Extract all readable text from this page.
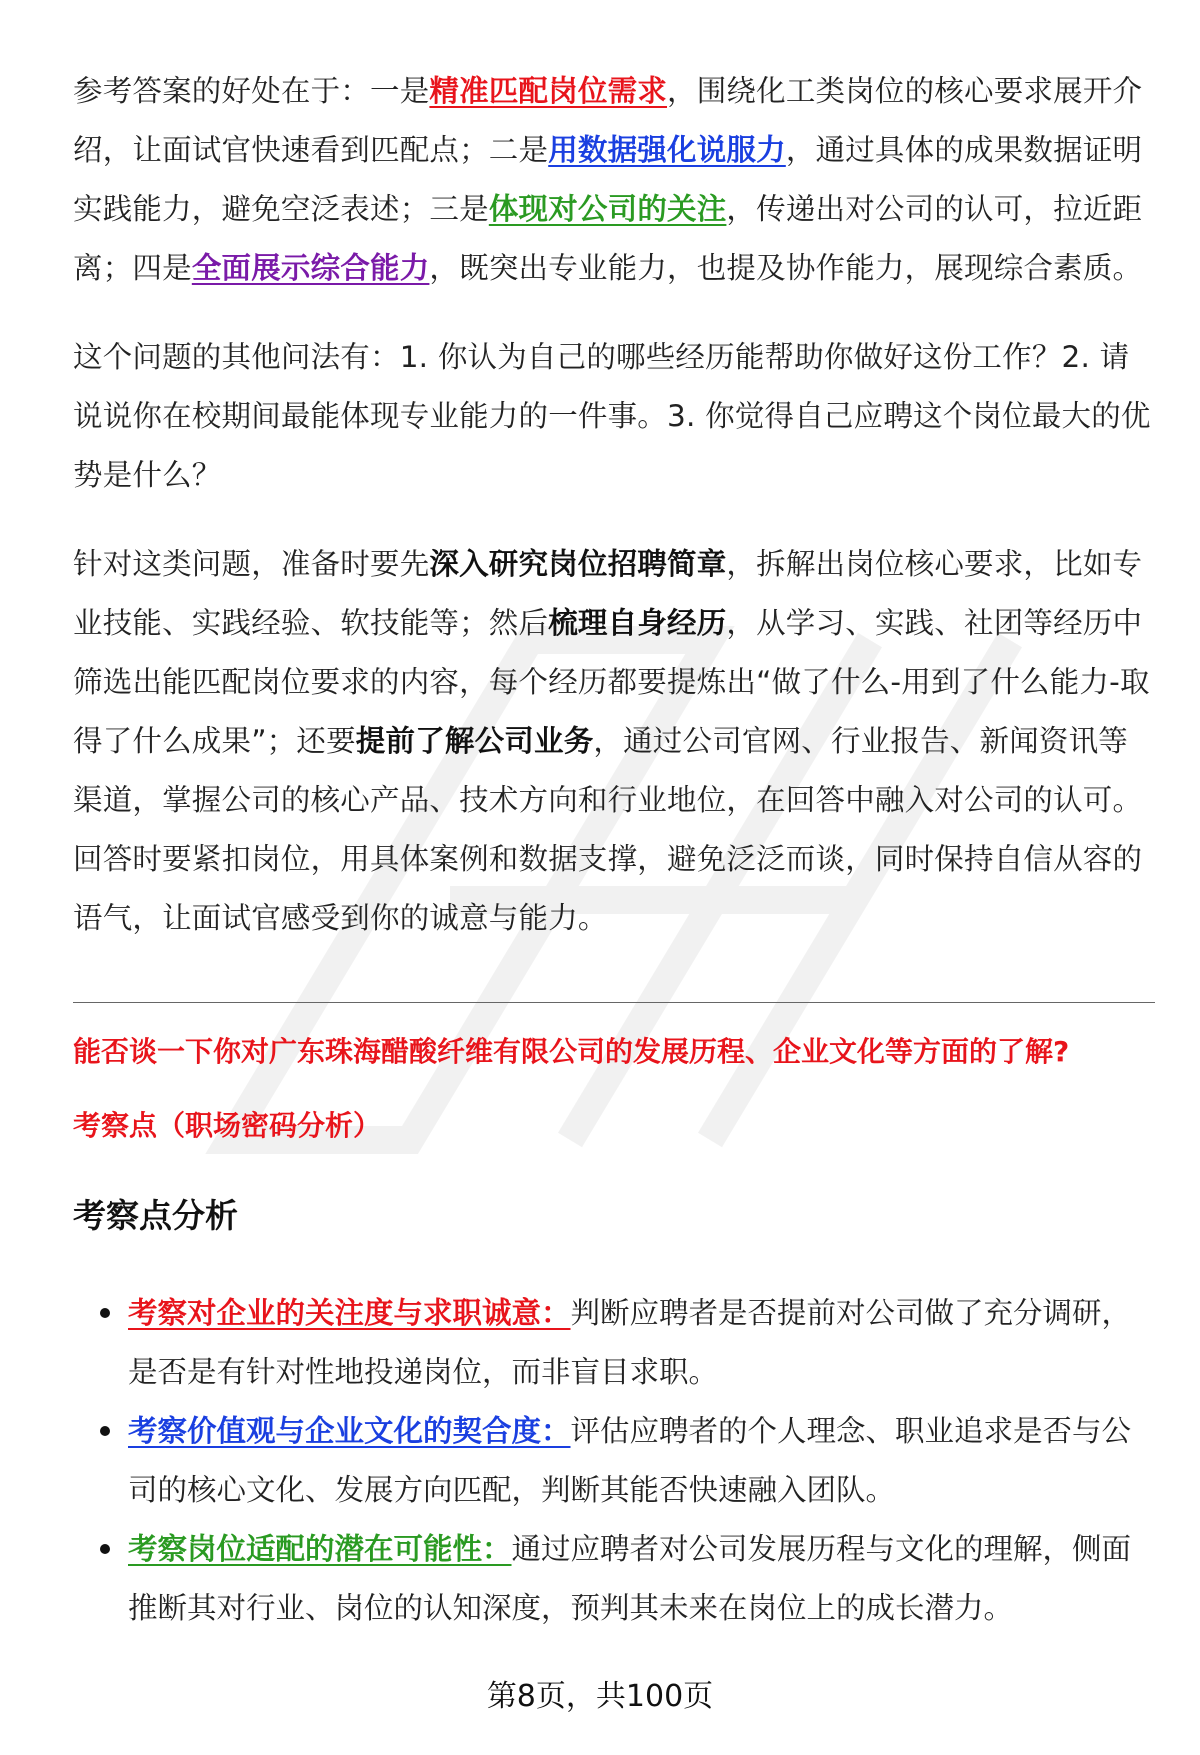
参考答案的好处在于：一是精准匹配岗位需求，围绕化工类岗位的核心要求展开介绍，让面试官快速看到匹配点；二是用数据强化说服力，通过具体的成果数据证明实践能力，避免空泛表述；三是体现对公司的关注，传递出对公司的认可，拉近距离；四是全面展示综合能力，既突出专业能力，也提及协作能力，展现综合素质。

这个问题的其他问法有：1. 你认为自己的哪些经历能帮助你做好这份工作？2. 请说说你在校期间最能体现专业能力的一件事。3. 你觉得自己应聘这个岗位最大的优势是什么？

针对这类问题，准备时要先深入研究岗位招聘简章，拆解出岗位核心要求，比如专业技能、实践经验、软技能等；然后梳理自身经历，从学习、实践、社团等经历中筛选出能匹配岗位要求的内容，每个经历都要提炼出“做了什么-用到了什么能力-取得了什么成果”；还要提前了解公司业务，通过公司官网、行业报告、新闻资讯等渠道，掌握公司的核心产品、技术方向和行业地位，在回答中融入对公司的认可。回答时要紧扣岗位，用具体案例和数据支撑，避免泛泛而谈，同时保持自信从容的语气，让面试官感受到你的诚意与能力。

能否谈一下你对广东珠海醋酸纤维有限公司的发展历程、企业文化等方面的了解?
考察点（职场密码分析）
考察点分析
考察对企业的关注度与求职诚意：判断应聘者是否提前对公司做了充分调研，是否是有针对性地投递岗位，而非盲目求职。
考察价值观与企业文化的契合度：评估应聘者的个人理念、职业追求是否与公司的核心文化、发展方向匹配，判断其能否快速融入团队。
考察岗位适配的潜在可能性：通过应聘者对公司发展历程与文化的理解，侧面推断其对行业、岗位的认知深度，预判其未来在岗位上的成长潜力。
第8页，共100页
